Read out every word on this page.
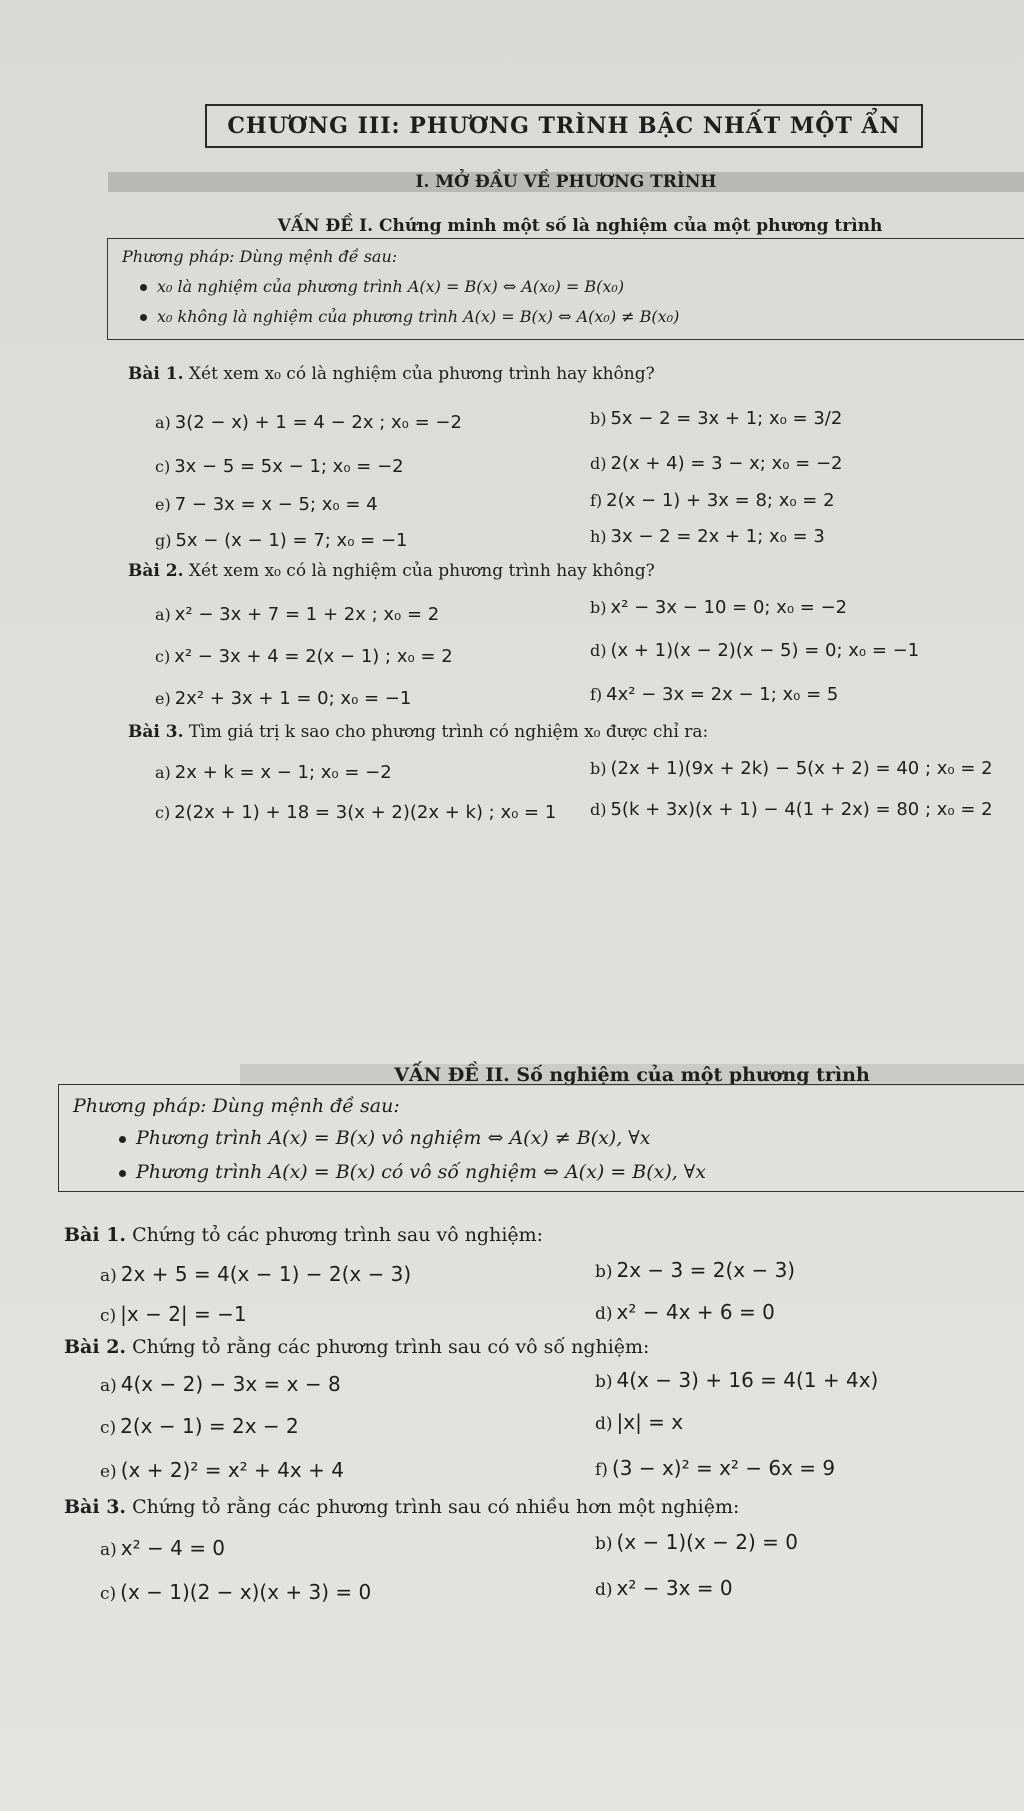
CHƯƠNG III: PHƯƠNG TRÌNH BẬC NHẤT MỘT ẨN
I. MỞ ĐẦU VỀ PHƯƠNG TRÌNH
VẤN ĐỀ I. Chứng minh một số là nghiệm của một phương trình
Phương pháp: Dùng mệnh đề sau:
x₀ là nghiệm của phương trình A(x) = B(x) ⇔ A(x₀) = B(x₀)
x₀ không là nghiệm của phương trình A(x) = B(x) ⇔ A(x₀) ≠ B(x₀)
Bài 1. Xét xem x₀ có là nghiệm của phương trình hay không?
a) 3(2 − x) + 1 = 4 − 2x ; x₀ = −2	b) 5x − 2 = 3x + 1; x₀ = 3/2
c) 3x − 5 = 5x − 1; x₀ = −2	d) 2(x + 4) = 3 − x; x₀ = −2
e) 7 − 3x = x − 5; x₀ = 4	f) 2(x − 1) + 3x = 8; x₀ = 2
g) 5x − (x − 1) = 7; x₀ = −1	h) 3x − 2 = 2x + 1; x₀ = 3
Bài 2. Xét xem x₀ có là nghiệm của phương trình hay không?
a) x² − 3x + 7 = 1 + 2x ; x₀ = 2	b) x² − 3x − 10 = 0; x₀ = −2
c) x² − 3x + 4 = 2(x − 1) ; x₀ = 2	d) (x + 1)(x − 2)(x − 5) = 0; x₀ = −1
e) 2x² + 3x + 1 = 0; x₀ = −1	f) 4x² − 3x = 2x − 1; x₀ = 5
Bài 3. Tìm giá trị k sao cho phương trình có nghiệm x₀ được chỉ ra:
a) 2x + k = x − 1; x₀ = −2	b) (2x + 1)(9x + 2k) − 5(x + 2) = 40 ; x₀ = 2
c) 2(2x + 1) + 18 = 3(x + 2)(2x + k) ; x₀ = 1 d) 5(k + 3x)(x + 1) − 4(1 + 2x) = 80 ; x₀ = 2
VẤN ĐỀ II. Số nghiệm của một phương trình
Phương pháp: Dùng mệnh đề sau:
Phương trình A(x) = B(x) vô nghiệm ⇔ A(x) ≠ B(x), ∀x
Phương trình A(x) = B(x) có vô số nghiệm ⇔ A(x) = B(x), ∀x
Bài 1. Chứng tỏ các phương trình sau vô nghiệm:
a) 2x + 5 = 4(x − 1) − 2(x − 3)	b) 2x − 3 = 2(x − 3)
c) |x − 2| = −1	d) x² − 4x + 6 = 0
Bài 2. Chứng tỏ rằng các phương trình sau có vô số nghiệm:
a) 4(x − 2) − 3x = x − 8	b) 4(x − 3) + 16 = 4(1 + 4x)
c) 2(x − 1) = 2x − 2	d) |x| = x
e) (x + 2)² = x² + 4x + 4	f) (3 − x)² = x² − 6x = 9
Bài 3. Chứng tỏ rằng các phương trình sau có nhiều hơn một nghiệm:
a) x² − 4 = 0	b) (x − 1)(x − 2) = 0
c) (x − 1)(2 − x)(x + 3) = 0	d) x² − 3x = 0
